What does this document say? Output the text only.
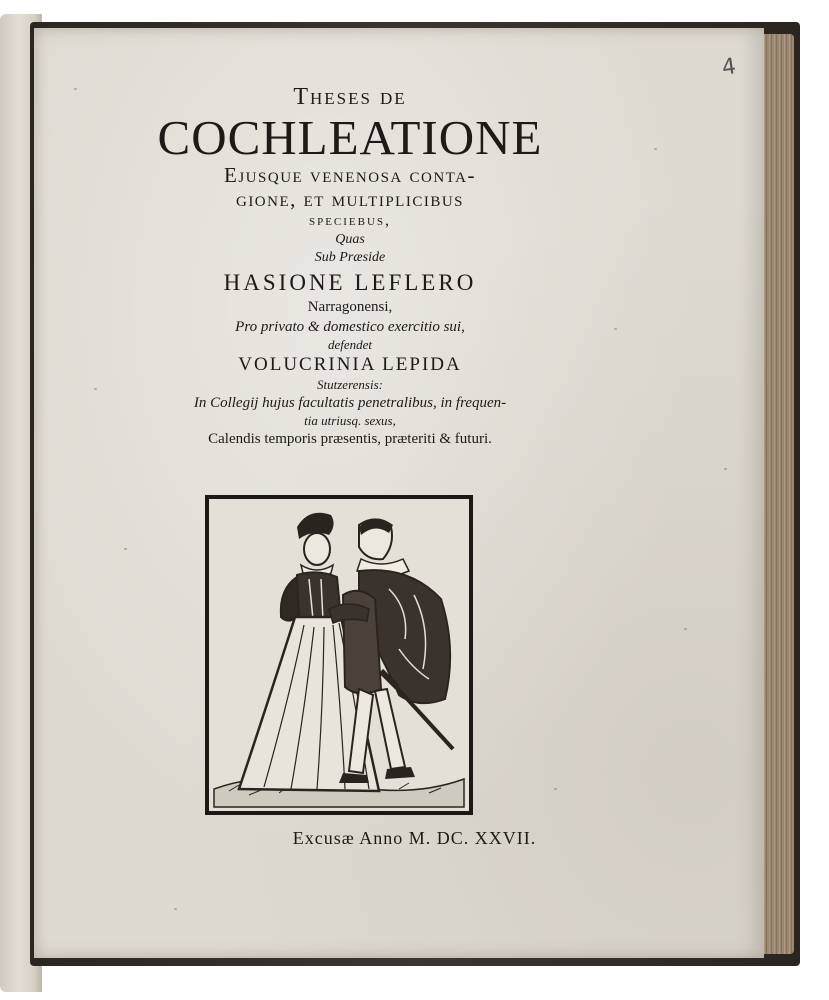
4
Theses de
COCHLEATIONE
Ejusque venenosa conta-
gione, et multiplicibus
speciebus,
Quas
Sub Præside
HASIONE LEFLERO
Narragonensi,
Pro privato & domestico exercitio sui,
defendet
VOLUCRINIA LEPIDA
Stutzerensis:
In Collegij hujus facultatis penetralibus, in frequen-
tia utriusq. sexus,
Calendis temporis præsentis, præteriti & futuri.
Excusæ Anno M. DC. XXVII.
